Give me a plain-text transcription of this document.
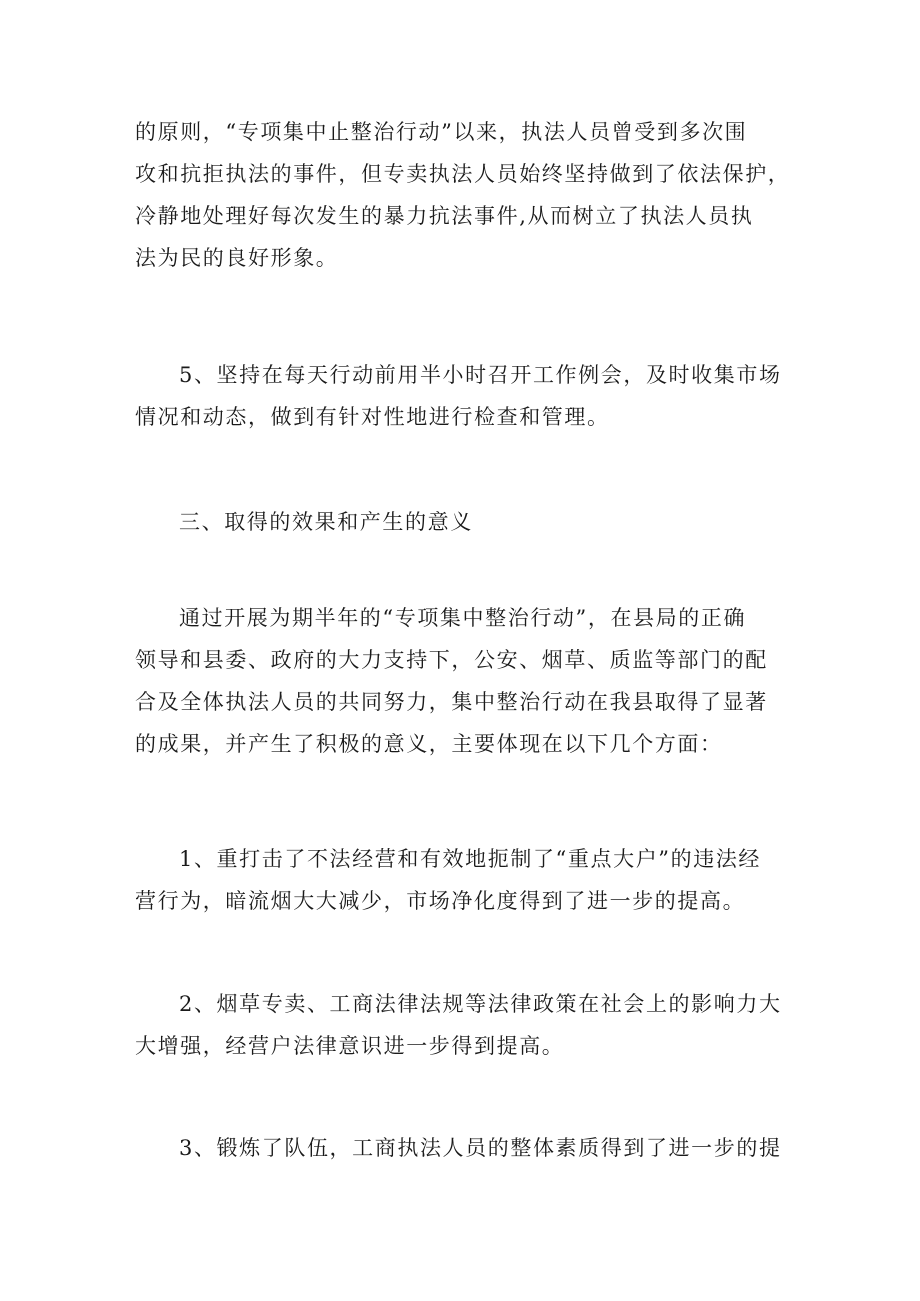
的原则，“专项集中止整治行动”以来，执法人员曾受到多次围
攻和抗拒执法的事件，但专卖执法人员始终坚持做到了依法保护，
冷静地处理好每次发生的暴力抗法事件,从而树立了执法人员执
法为民的良好形象。
5、坚持在每天行动前用半小时召开工作例会，及时收集市场
情况和动态，做到有针对性地进行检查和管理。
三、取得的效果和产生的意义
通过开展为期半年的“专项集中整治行动”，在县局的正确
领导和县委、政府的大力支持下，公安、烟草、质监等部门的配
合及全体执法人员的共同努力，集中整治行动在我县取得了显著
的成果，并产生了积极的意义，主要体现在以下几个方面：
1、重打击了不法经营和有效地扼制了“重点大户”的违法经
营行为，暗流烟大大减少，市场净化度得到了进一步的提高。
2、烟草专卖、工商法律法规等法律政策在社会上的影响力大
大增强，经营户法律意识进一步得到提高。
3、锻炼了队伍，工商执法人员的整体素质得到了进一步的提
